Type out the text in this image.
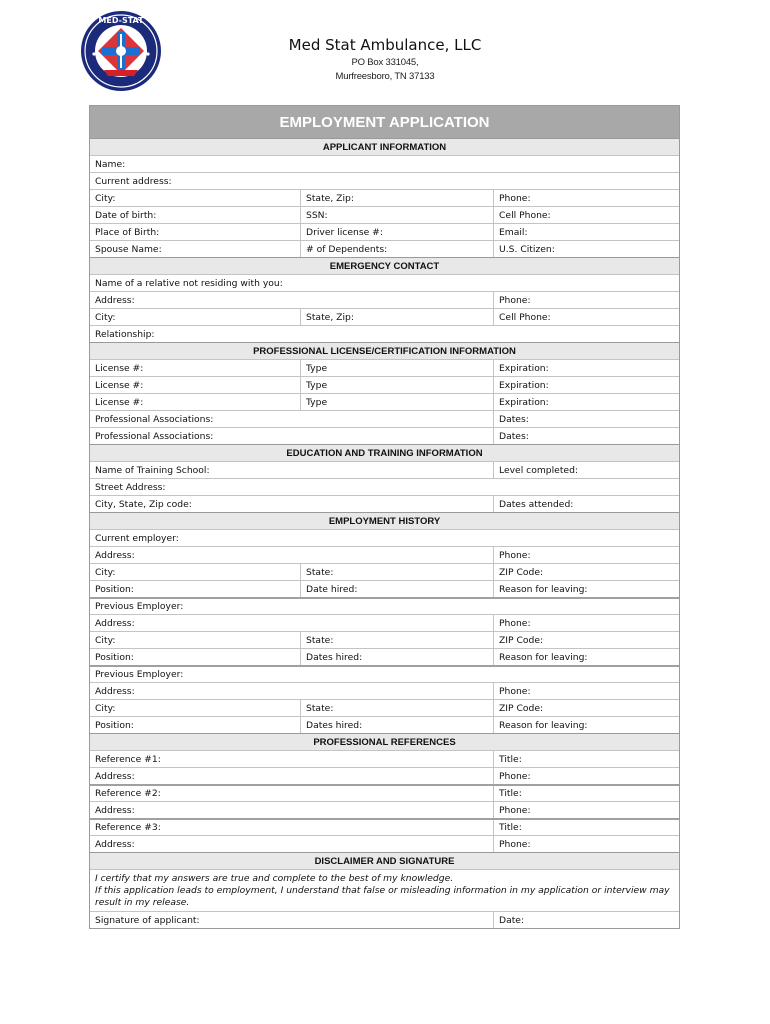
MED-STAT
Med Stat Ambulance, LLC
PO Box 331045,
Murfreesboro, TN 37133
EMPLOYMENT APPLICATION
APPLICANT INFORMATION
Name:
Current address:
City:	State, Zip:	Phone:
Date of birth:	SSN:	Cell Phone:
Place of Birth:	Driver license #:	Email:
Spouse Name:	# of Dependents:	U.S. Citizen:
EMERGENCY CONTACT
Name of a relative not residing with you:
Address:	Phone:
City:	State, Zip:	Cell Phone:
Relationship:
PROFESSIONAL LICENSE/CERTIFICATION INFORMATION
License #:	Type	Expiration:
License #:	Type	Expiration:
License #:	Type	Expiration:
Professional Associations:	Dates:
Professional Associations:	Dates:
EDUCATION AND TRAINING INFORMATION
Name of Training School:	Level completed:
Street Address:
City, State, Zip code:	Dates attended:
EMPLOYMENT HISTORY
Current employer:
Address:	Phone:
City:	State:	ZIP Code:
Position:	Date hired:	Reason for leaving:
Previous Employer:
Address:	Phone:
City:	State:	ZIP Code:
Position:	Dates hired:	Reason for leaving:
Previous Employer:
Address:	Phone:
City:	State:	ZIP Code:
Position:	Dates hired:	Reason for leaving:
PROFESSIONAL REFERENCES
Reference #1:	Title:
Address:	Phone:
Reference #2:	Title:
Address:	Phone:
Reference #3:	Title:
Address:	Phone:
DISCLAIMER AND SIGNATURE
I certify that my answers are true and complete to the best of my knowledge.
If this application leads to employment, I understand that false or misleading information in my application or interview may result in my release.
Signature of applicant:	Date:
